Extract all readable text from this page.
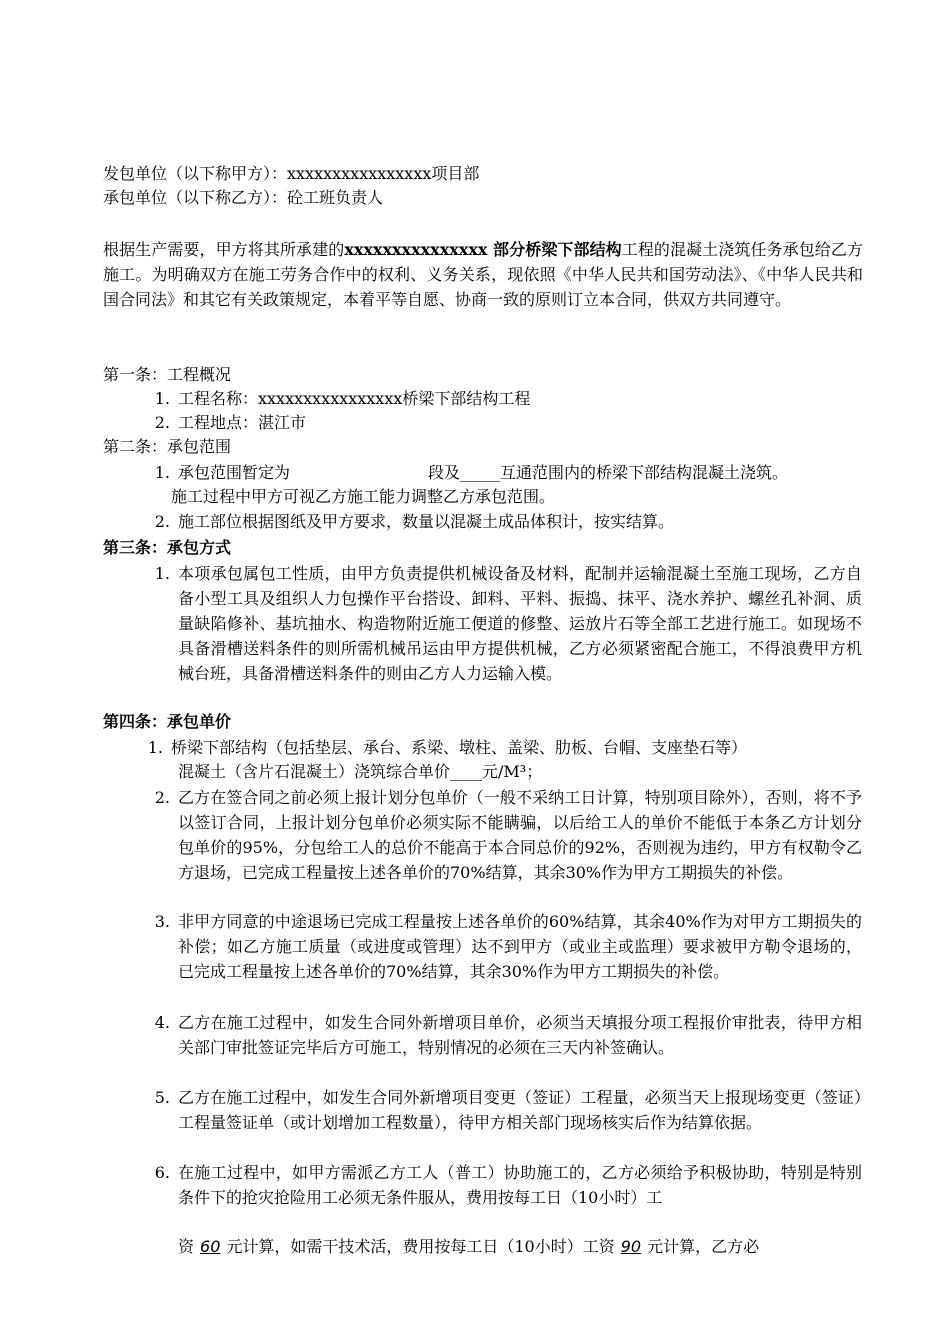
发包单位（以下称甲方）：xxxxxxxxxxxxxxxx项目部
承包单位（以下称乙方）：砼工班负责人
根据生产需要，甲方将其所承建的xxxxxxxxxxxxxxx 部分桥梁下部结构工程的混凝土浇筑任务承包给乙方施工。为明确双方在施工劳务合作中的权利、义务关系，现依照《中华人民共和国劳动法》、《中华人民共和国合同法》和其它有关政策规定，本着平等自愿、协商一致的原则订立本合同，供双方共同遵守。
第一条：工程概况
1. 工程名称：xxxxxxxxxxxxxxxx桥梁下部结构工程
2. 工程地点：湛江市
第二条：承包范围
1. 承包范围暂定为	段及_____互通范围内的桥梁下部结构混凝土浇筑。
施工过程中甲方可视乙方施工能力调整乙方承包范围。
2. 施工部位根据图纸及甲方要求，数量以混凝土成品体积计，按实结算。
第三条：承包方式
1. 本项承包属包工性质，由甲方负责提供机械设备及材料，配制并运输混凝土至施工现场，乙方自备小型工具及组织人力包操作平台搭设、卸料、平料、振捣、抹平、浇水养护、螺丝孔补洞、质量缺陷修补、基坑抽水、构造物附近施工便道的修整、运放片石等全部工艺进行施工。如现场不具备滑槽送料条件的则所需机械吊运由甲方提供机械，乙方必须紧密配合施工，不得浪费甲方机械台班，具备滑槽送料条件的则由乙方人力运输入模。
第四条：承包单价
1. 桥梁下部结构（包括垫层、承台、系梁、墩柱、盖梁、肋板、台帽、支座垫石等）
混凝土（含片石混凝土）浇筑综合单价____元/M³；
2. 乙方在签合同之前必须上报计划分包单价（一般不采纳工日计算，特别项目除外），否则，将不予以签订合同，上报计划分包单价必须实际不能瞒骗，以后给工人的单价不能低于本条乙方计划分包单价的95%，分包给工人的总价不能高于本合同总价的92%，否则视为违约，甲方有权勒令乙方退场，已完成工程量按上述各单价的70%结算，其余30%作为甲方工期损失的补偿。
3. 非甲方同意的中途退场已完成工程量按上述各单价的60%结算，其余40%作为对甲方工期损失的补偿；如乙方施工质量（或进度或管理）达不到甲方（或业主或监理）要求被甲方勒令退场的，已完成工程量按上述各单价的70%结算，其余30%作为甲方工期损失的补偿。
4. 乙方在施工过程中，如发生合同外新增项目单价，必须当天填报分项工程报价审批表，待甲方相关部门审批签证完毕后方可施工，特别情况的必须在三天内补签确认。
5. 乙方在施工过程中，如发生合同外新增项目变更（签证）工程量，必须当天上报现场变更（签证）工程量签证单（或计划增加工程数量），待甲方相关部门现场核实后作为结算依据。
6. 在施工过程中，如甲方需派乙方工人（普工）协助施工的，乙方必须给予积极协助，特别是特别条件下的抢灾抢险用工必须无条件服从，费用按每工日（10小时）工
资 60 元计算，如需干技术活，费用按每工日（10小时）工资 90 元计算，乙方必
